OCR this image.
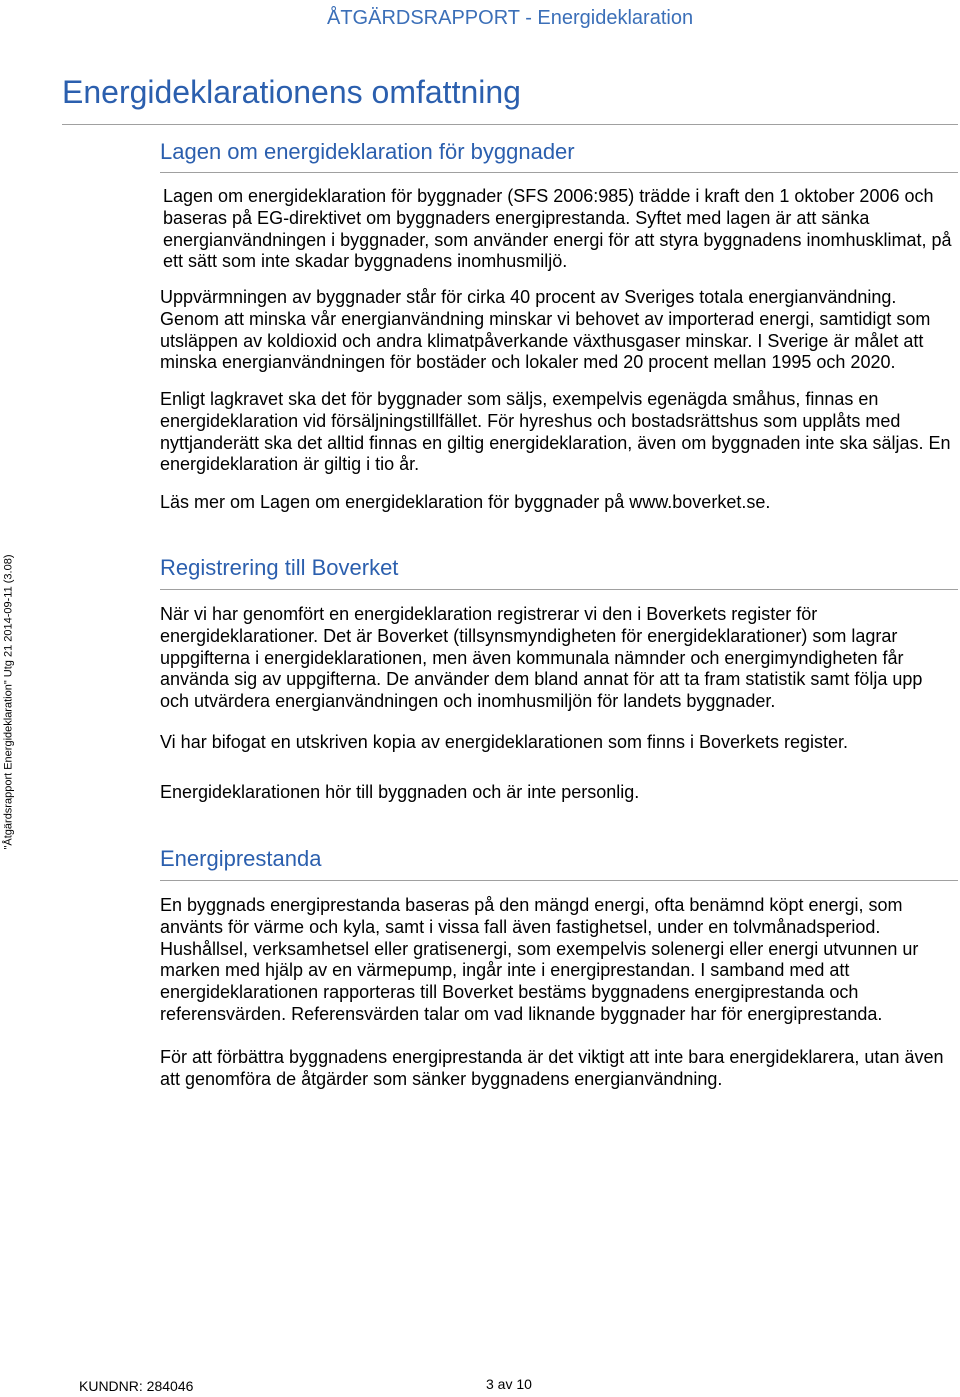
ÅTGÄRDSRAPPORT - Energideklaration
Energideklarationens omfattning
Lagen om energideklaration för byggnader

Lagen om energideklaration för byggnader (SFS 2006:985) trädde i kraft den 1 oktober 2006 och
baseras på EG-direktivet om byggnaders energiprestanda. Syftet med lagen är att sänka
energianvändningen i byggnader, som använder energi för att styra byggnadens inomhusklimat, på
ett sätt som inte skadar byggnadens inomhusmiljö.

Uppvärmningen av byggnader står för cirka 40 procent av Sveriges totala energianvändning.
Genom att minska vår energianvändning minskar vi behovet av importerad energi, samtidigt som
utsläppen av koldioxid och andra klimatpåverkande växthusgaser minskar. I Sverige är målet att
minska energianvändningen för bostäder och lokaler med 20 procent mellan 1995 och 2020.

Enligt lagkravet ska det för byggnader som säljs, exempelvis egenägda småhus, finnas en
energideklaration vid försäljningstillfället. För hyreshus och bostadsrättshus som upplåts med
nyttjanderätt ska det alltid finnas en giltig energideklaration, även om byggnaden inte ska säljas. En
energideklaration är giltig i tio år.

Läs mer om Lagen om energideklaration för byggnader på www.boverket.se.

Registrering till Boverket

När vi har genomfört en energideklaration registrerar vi den i Boverkets register för
energideklarationer. Det är Boverket (tillsynsmyndigheten för energideklarationer) som lagrar
uppgifterna i energideklarationen, men även kommunala nämnder och energimyndigheten får
använda sig av uppgifterna. De använder dem bland annat för att ta fram statistik samt följa upp
och utvärdera energianvändningen och inomhusmiljön för landets byggnader.

Vi har bifogat en utskriven kopia av energideklarationen som finns i Boverkets register.

Energideklarationen hör till byggnaden och är inte personlig.

Energiprestanda

En byggnads energiprestanda baseras på den mängd energi, ofta benämnd köpt energi, som
använts för värme och kyla, samt i vissa fall även fastighetsel, under en tolvmånadsperiod.
Hushållsel, verksamhetsel eller gratisenergi, som exempelvis solenergi eller energi utvunnen ur
marken med hjälp av en värmepump, ingår inte i energiprestandan. I samband med att
energideklarationen rapporteras till Boverket bestäms byggnadens energiprestanda och
referensvärden. Referensvärden talar om vad liknande byggnader har för energiprestanda.

För att förbättra byggnadens energiprestanda är det viktigt att inte bara energideklarera, utan även
att genomföra de åtgärder som sänker byggnadens energianvändning.

"Åtgärdsrapport Energideklaration" Utg 21 2014-09-11 (3.08)
KUNDNR: 284046	3 av 10
